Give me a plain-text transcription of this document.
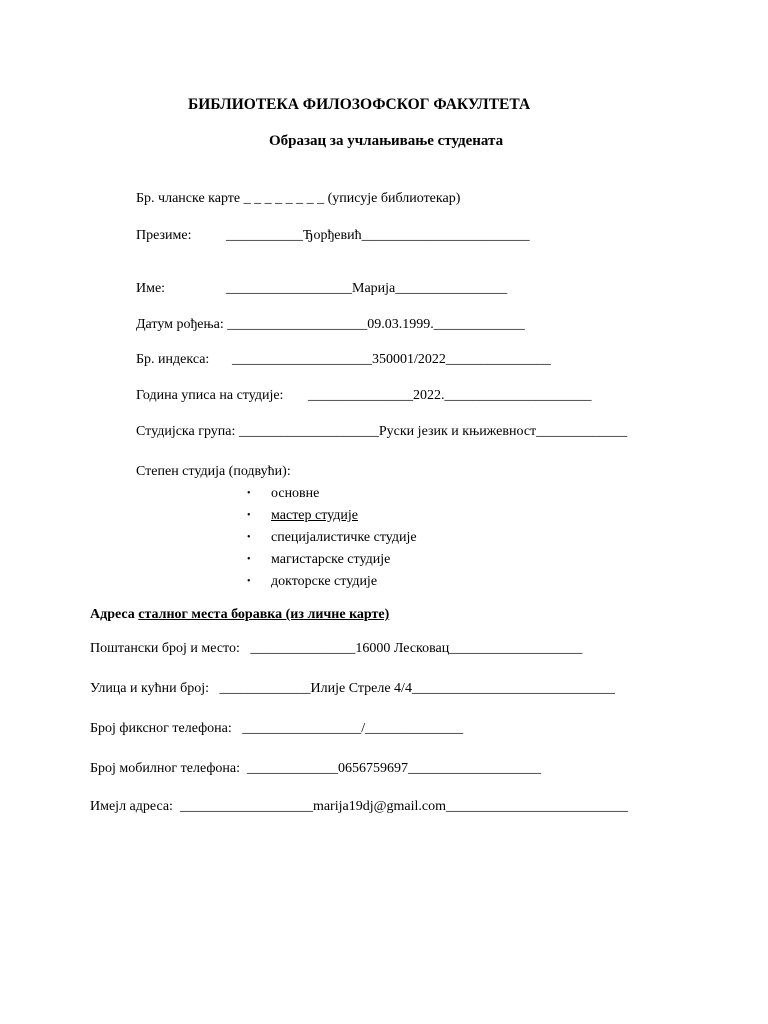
БИБЛИОТЕКА ФИЛОЗОФСКОГ ФАКУЛТЕТА
Образац за учлањивање студената
Бр. чланске карте _ _ _ _ _ _ _ _ (уписује библиотекар)
Презиме: ___________Ђорђевић________________________
Име:	__________________Марија________________
Датум рођења: ____________________09.03.1999._____________
Бр. индекса: ____________________350001/2022_______________
Година уписа на студије: _______________2022._____________________
Студијска група: ____________________Руски језик и књижевност_____________
Степен студија (подвући):
• основне
• мастер студије
• специјалистичке студије
• магистарске студије
• докторске студије
Адреса сталног места боравка (из личне карте)
Поштански број и место:   _______________16000 Лесковац___________________
Улица и кућни број:   _____________Илије Стреле 4/4_____________________________
Број фиксног телефона:   _________________/______________
Број мобилног телефона:  _____________0656759697___________________
Имејл адреса:  ___________________marija19dj@gmail.com__________________________
